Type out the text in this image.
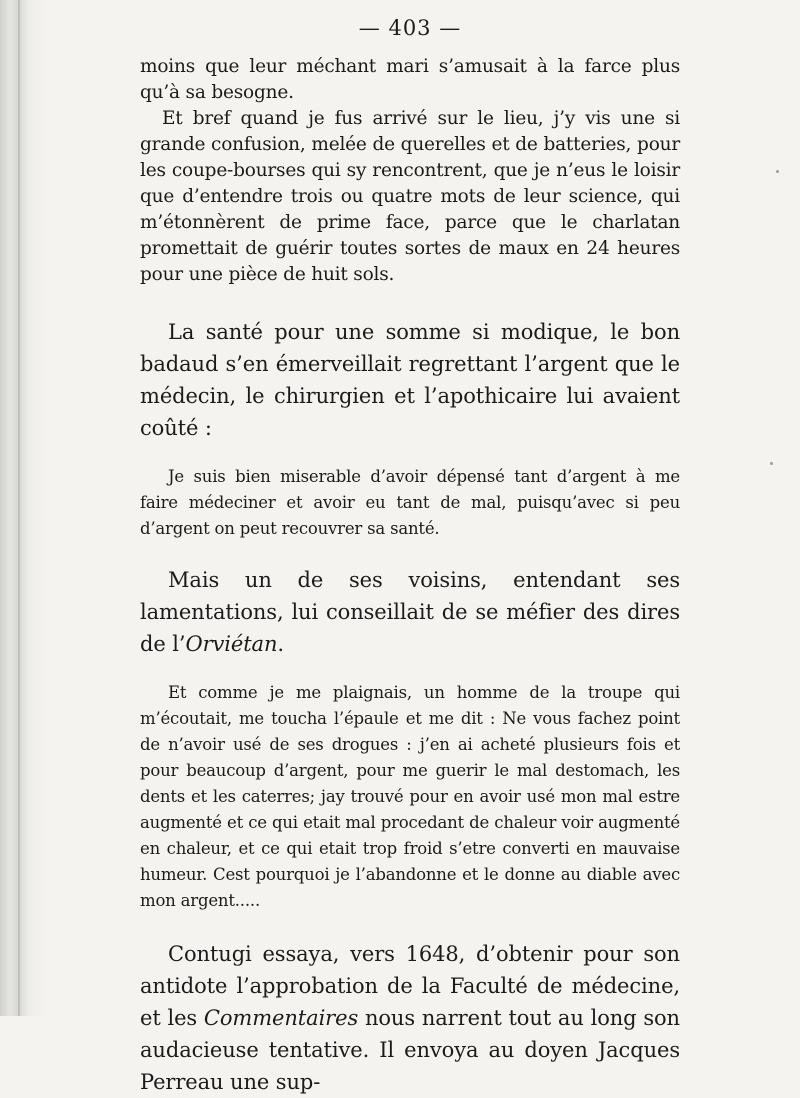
— 403 —

moins que leur méchant mari s’amusait à la farce plus qu’à sa besogne.

Et bref quand je fus arrivé sur le lieu, j’y vis une si grande confusion, melée de querelles et de batteries, pour les coupe-bourses qui sy rencontrent, que je n’eus le loisir que d’entendre trois ou quatre mots de leur science, qui m’étonnèrent de prime face, parce que le charlatan promettait de guérir toutes sortes de maux en 24 heures pour une pièce de huit sols.

La santé pour une somme si modique, le bon badaud s’en émerveillait regrettant l’argent que le médecin, le chirurgien et l’apothicaire lui avaient coûté :

Je suis bien miserable d’avoir dépensé tant d’argent à me faire médeciner et avoir eu tant de mal, puisqu’avec si peu d’argent on peut recouvrer sa santé.

Mais un de ses voisins, entendant ses lamentations, lui conseillait de se méfier des dires de l’Orviétan.

Et comme je me plaignais, un homme de la troupe qui m’écoutait, me toucha l’épaule et me dit : Ne vous fachez point de n’avoir usé de ses drogues : j’en ai acheté plusieurs fois et pour beaucoup d’argent, pour me guerir le mal destomach, les dents et les caterres; jay trouvé pour en avoir usé mon mal estre augmenté et ce qui etait mal procedant de chaleur voir augmenté en chaleur, et ce qui etait trop froid s’etre converti en mauvaise humeur. Cest pourquoi je l’abandonne et le donne au diable avec mon argent.....

Contugi essaya, vers 1648, d’obtenir pour son antidote l’approbation de la Faculté de médecine, et les Commentaires nous narrent tout au long son audacieuse tentative. Il envoya au doyen Jacques Perreau une sup-
